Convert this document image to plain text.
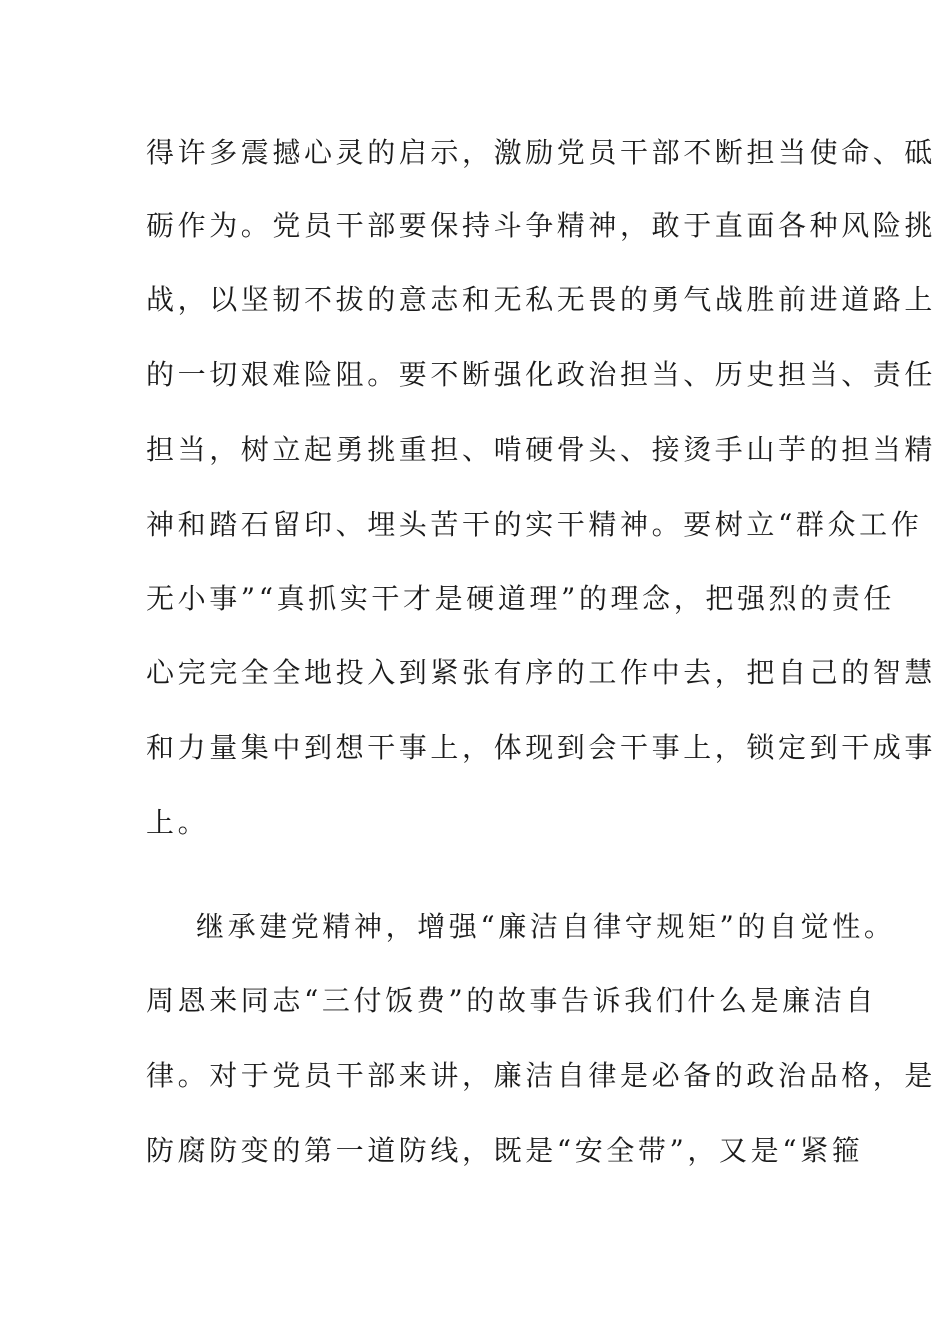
得许多震撼心灵的启示，激励党员干部不断担当使命、砥
砺作为。党员干部要保持斗争精神，敢于直面各种风险挑
战，以坚韧不拔的意志和无私无畏的勇气战胜前进道路上
的一切艰难险阻。要不断强化政治担当、历史担当、责任
担当，树立起勇挑重担、啃硬骨头、接烫手山芋的担当精
神和踏石留印、埋头苦干的实干精神。要树立“群众工作
无小事”“真抓实干才是硬道理”的理念，把强烈的责任
心完完全全地投入到紧张有序的工作中去，把自己的智慧
和力量集中到想干事上，体现到会干事上，锁定到干成事
上。
继承建党精神，增强“廉洁自律守规矩”的自觉性。
周恩来同志“三付饭费”的故事告诉我们什么是廉洁自
律。对于党员干部来讲，廉洁自律是必备的政治品格，是
防腐防变的第一道防线，既是“安全带”，又是“紧箍
